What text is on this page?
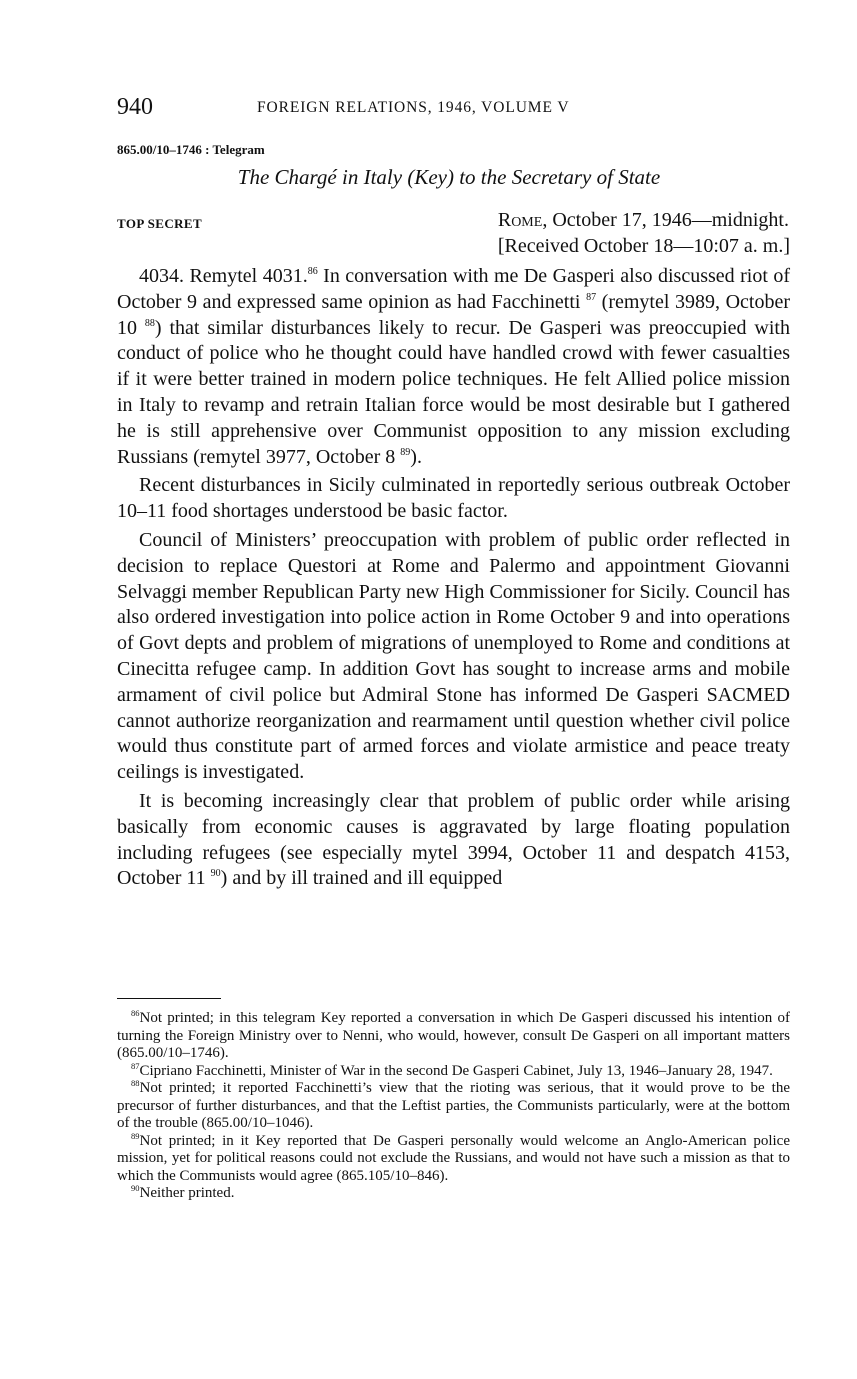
940	FOREIGN RELATIONS, 1946, VOLUME V
865.00/10–1746 : Telegram
The Chargé in Italy (Key) to the Secretary of State
TOP SECRET	Rome, October 17, 1946—midnight.
[Received October 18—10:07 a. m.]

4034. Remytel 4031.86 In conversation with me De Gasperi also discussed riot of October 9 and expressed same opinion as had Facchinetti $^{87}$ (remytel 3989, October 10 $^{88}$) that similar disturbances likely to recur. De Gasperi was preoccupied with conduct of police who he thought could have handled crowd with fewer casualties if it were better trained in modern police techniques. He felt Allied police mission in Italy to revamp and retrain Italian force would be most desirable but I gathered he is still apprehensive over Communist opposition to any mission excluding Russians (remytel 3977, October 8 $^{89}$).

Recent disturbances in Sicily culminated in reportedly serious outbreak October 10–11 food shortages understood be basic factor.

Council of Ministers’ preoccupation with problem of public order reflected in decision to replace Questori at Rome and Palermo and appointment Giovanni Selvaggi member Republican Party new High Commissioner for Sicily. Council has also ordered investigation into police action in Rome October 9 and into operations of Govt depts and problem of migrations of unemployed to Rome and conditions at Cinecitta refugee camp. In addition Govt has sought to increase arms and mobile armament of civil police but Admiral Stone has informed De Gasperi SACMED cannot authorize reorganization and rearmament until question whether civil police would thus constitute part of armed forces and violate armistice and peace treaty ceilings is investigated.

It is becoming increasingly clear that problem of public order while arising basically from economic causes is aggravated by large floating population including refugees (see especially mytel 3994, October 11 and despatch 4153, October 11 $^{90}$) and by ill trained and ill equipped

$^{86}$Not printed; in this telegram Key reported a conversation in which De Gasperi discussed his intention of turning the Foreign Ministry over to Nenni, who would, however, consult De Gasperi on all important matters (865.00/10–1746).

$^{87}$Cipriano Facchinetti, Minister of War in the second De Gasperi Cabinet, July 13, 1946–January 28, 1947.

$^{88}$Not printed; it reported Facchinetti’s view that the rioting was serious, that it would prove to be the precursor of further disturbances, and that the Leftist parties, the Communists particularly, were at the bottom of the trouble (865.00/10–1046).

$^{89}$Not printed; in it Key reported that De Gasperi personally would welcome an Anglo-American police mission, yet for political reasons could not exclude the Russians, and would not have such a mission as that to which the Communists would agree (865.105/10–846).

$^{90}$Neither printed.
